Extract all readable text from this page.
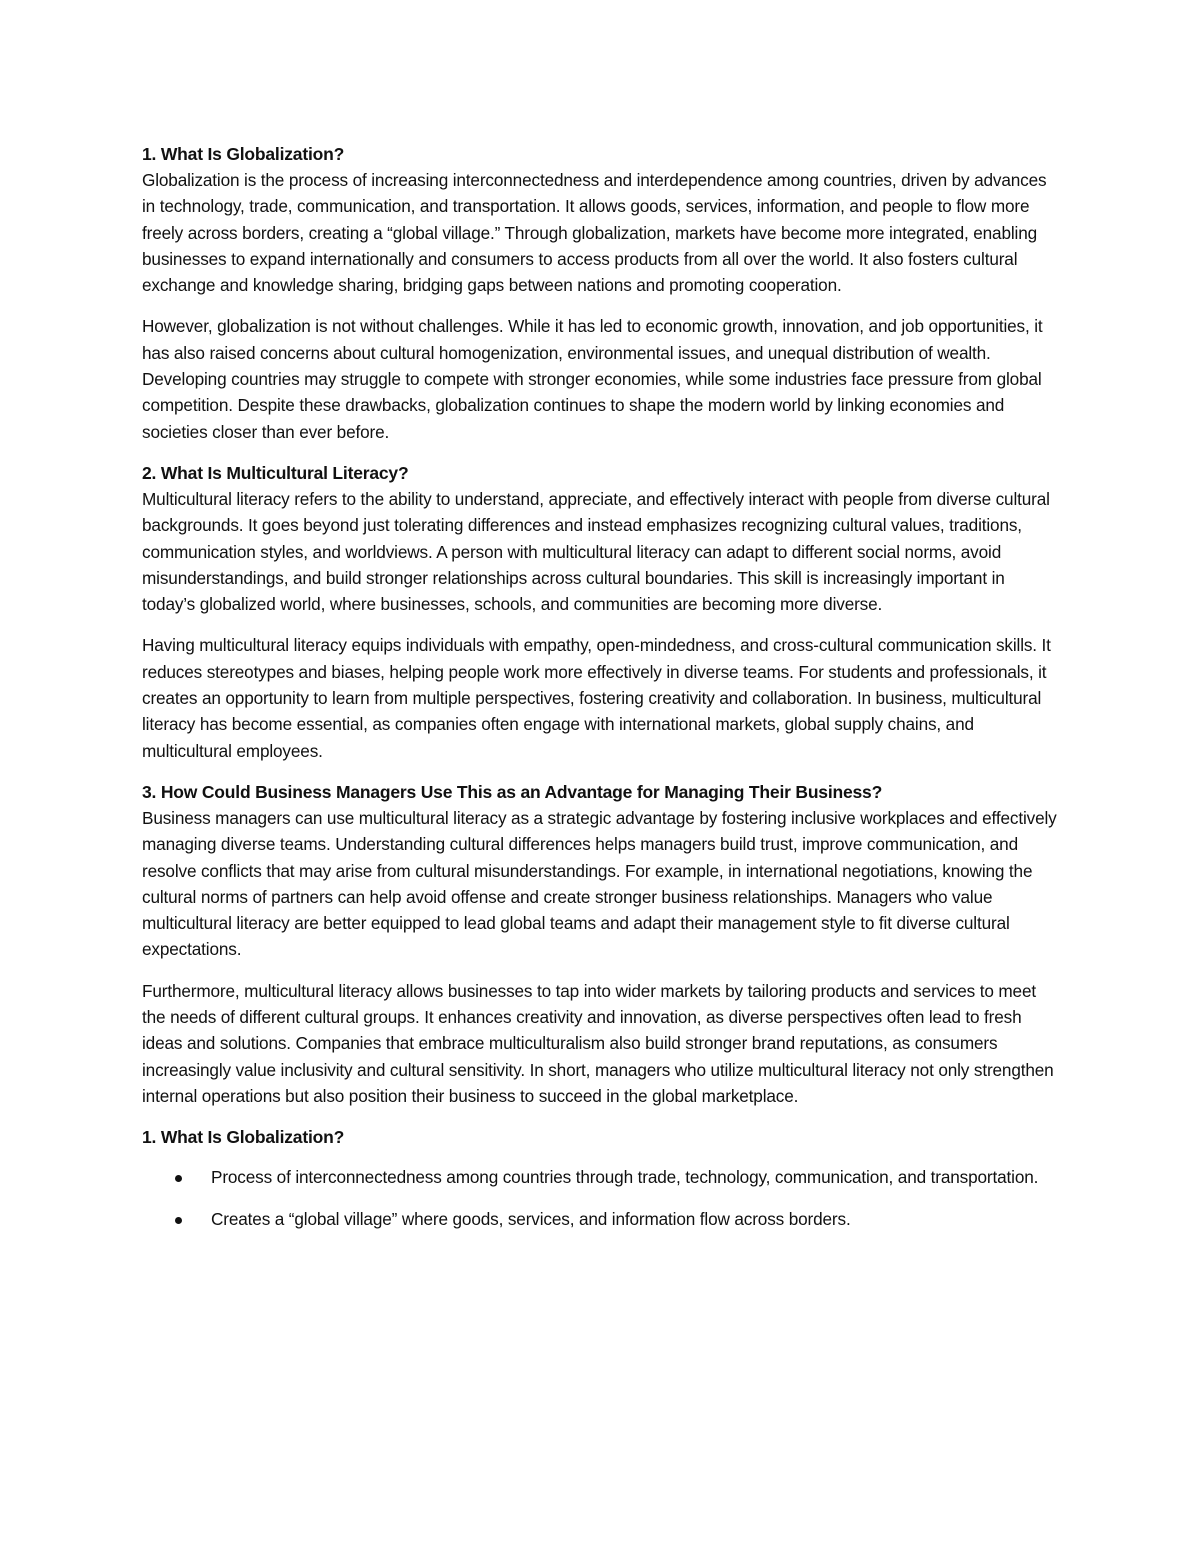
1. What Is Globalization?

Globalization is the process of increasing interconnectedness and interdependence among countries, driven by advances in technology, trade, communication, and transportation. It allows goods, services, information, and people to flow more freely across borders, creating a “global village.” Through globalization, markets have become more integrated, enabling businesses to expand internationally and consumers to access products from all over the world. It also fosters cultural exchange and knowledge sharing, bridging gaps between nations and promoting cooperation.

However, globalization is not without challenges. While it has led to economic growth, innovation, and job opportunities, it has also raised concerns about cultural homogenization, environmental issues, and unequal distribution of wealth. Developing countries may struggle to compete with stronger economies, while some industries face pressure from global competition. Despite these drawbacks, globalization continues to shape the modern world by linking economies and societies closer than ever before.

2. What Is Multicultural Literacy?

Multicultural literacy refers to the ability to understand, appreciate, and effectively interact with people from diverse cultural backgrounds. It goes beyond just tolerating differences and instead emphasizes recognizing cultural values, traditions, communication styles, and worldviews. A person with multicultural literacy can adapt to different social norms, avoid misunderstandings, and build stronger relationships across cultural boundaries. This skill is increasingly important in today’s globalized world, where businesses, schools, and communities are becoming more diverse.

Having multicultural literacy equips individuals with empathy, open-mindedness, and cross-cultural communication skills. It reduces stereotypes and biases, helping people work more effectively in diverse teams. For students and professionals, it creates an opportunity to learn from multiple perspectives, fostering creativity and collaboration. In business, multicultural literacy has become essential, as companies often engage with international markets, global supply chains, and multicultural employees.

3. How Could Business Managers Use This as an Advantage for Managing Their Business?

Business managers can use multicultural literacy as a strategic advantage by fostering inclusive workplaces and effectively managing diverse teams. Understanding cultural differences helps managers build trust, improve communication, and resolve conflicts that may arise from cultural misunderstandings. For example, in international negotiations, knowing the cultural norms of partners can help avoid offense and create stronger business relationships. Managers who value multicultural literacy are better equipped to lead global teams and adapt their management style to fit diverse cultural expectations.

Furthermore, multicultural literacy allows businesses to tap into wider markets by tailoring products and services to meet the needs of different cultural groups. It enhances creativity and innovation, as diverse perspectives often lead to fresh ideas and solutions. Companies that embrace multiculturalism also build stronger brand reputations, as consumers increasingly value inclusivity and cultural sensitivity. In short, managers who utilize multicultural literacy not only strengthen internal operations but also position their business to succeed in the global marketplace.

1. What Is Globalization?
Process of interconnectedness among countries through trade, technology, communication, and transportation.
Creates a “global village” where goods, services, and information flow across borders.
